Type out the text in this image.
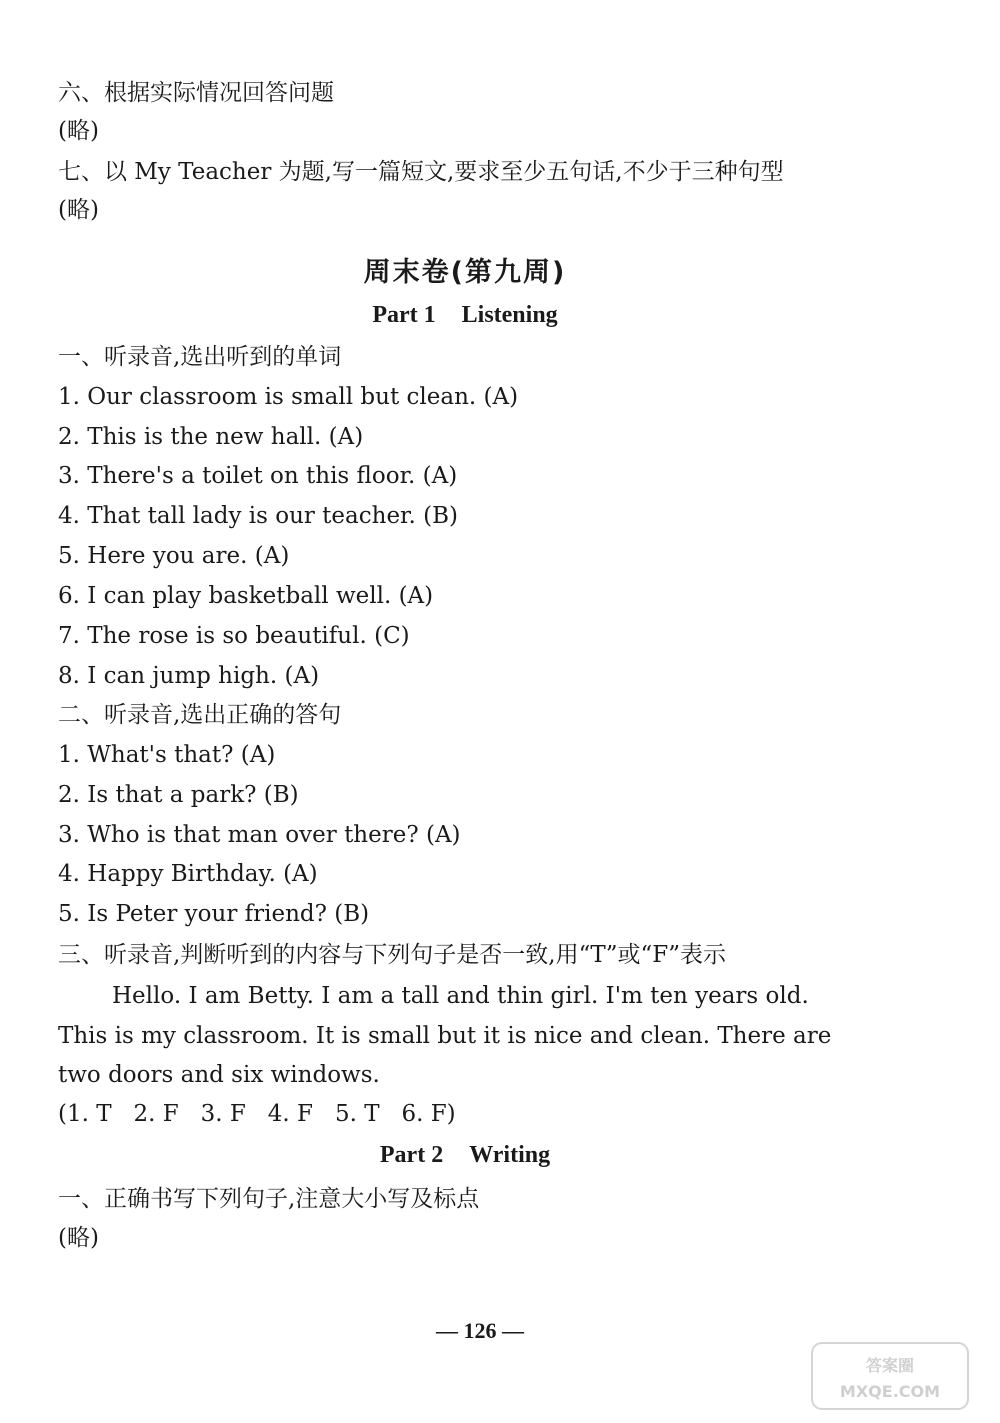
六、根据实际情况回答问题
(略)
七、以 My Teacher 为题,写一篇短文,要求至少五句话,不少于三种句型
(略)
周末卷(第九周)
Part 1 Listening
一、听录音,选出听到的单词
1. Our classroom is small but clean. (A)
2. This is the new hall. (A)
3. There's a toilet on this floor. (A)
4. That tall lady is our teacher. (B)
5. Here you are. (A)
6. I can play basketball well. (A)
7. The rose is so beautiful. (C)
8. I can jump high. (A)
二、听录音,选出正确的答句
1. What's that? (A)
2. Is that a park? (B)
3. Who is that man over there? (A)
4. Happy Birthday. (A)
5. Is Peter your friend? (B)
三、听录音,判断听到的内容与下列句子是否一致,用“T”或“F”表示
Hello. I am Betty. I am a tall and thin girl. I'm ten years old.
This is my classroom. It is small but it is nice and clean. There are
two doors and six windows.
(1. T   2. F   3. F   4. F   5. T   6. F)
Part 2 Writing
一、正确书写下列句子,注意大小写及标点
(略)
— 126 —
答案圈
MXQE.COM
